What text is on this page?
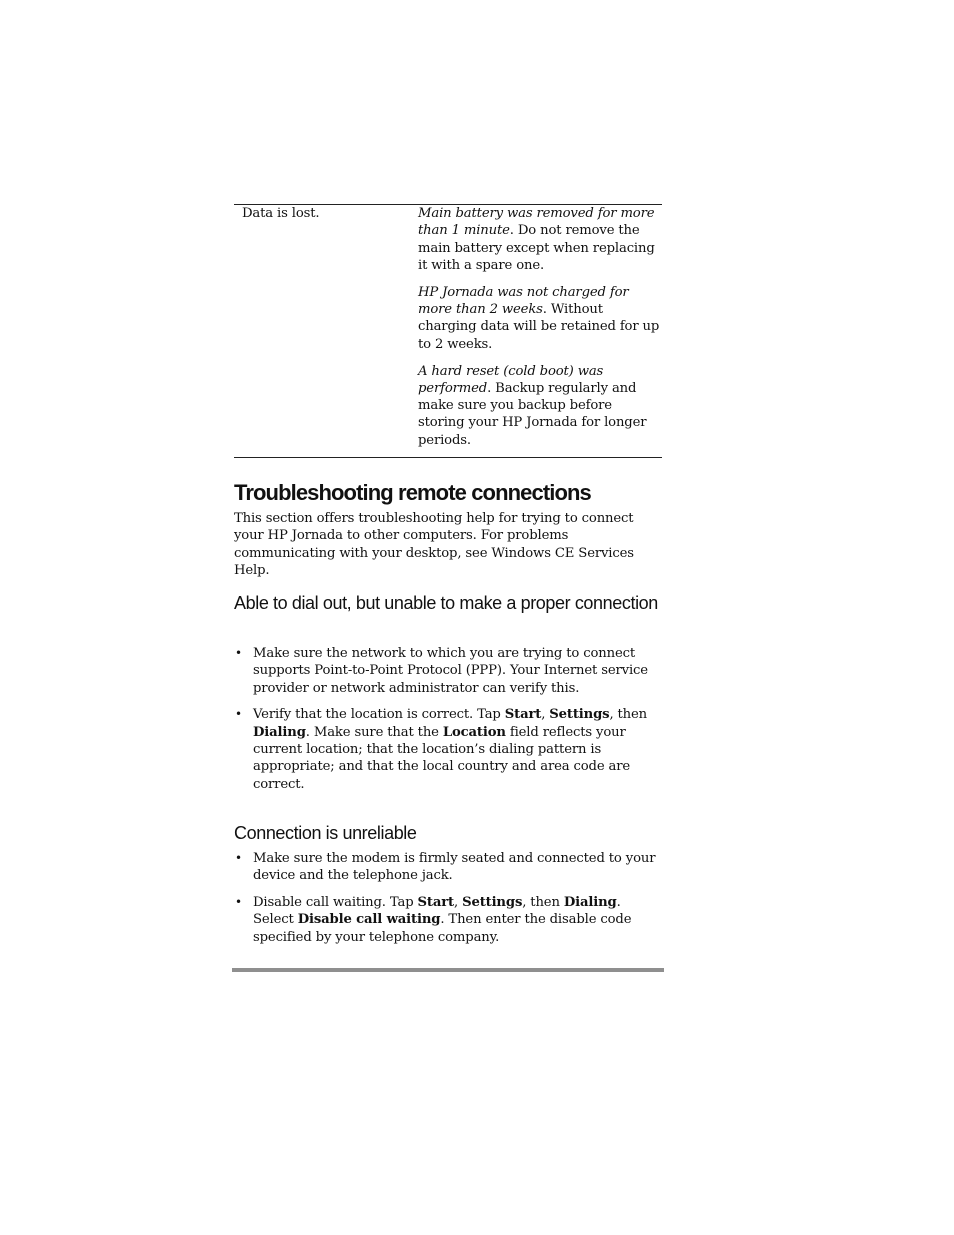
Data is lost.	Main battery was removed for more than 1 minute. Do not remove the main battery except when replacing it with a spare one.

HP Jornada was not charged for more than 2 weeks. Without charging data will be retained for up to 2 weeks.

A hard reset (cold boot) was performed. Backup regularly and make sure you backup before storing your HP Jornada for longer periods.

Troubleshooting remote connections

This section offers troubleshooting help for trying to connect your HP Jornada to other computers. For problems communicating with your desktop, see Windows CE Services Help.

Able to dial out, but unable to make a proper connection
• Make sure the network to which you are trying to connect supports Point-to-Point Protocol (PPP). Your Internet service provider or network administrator can verify this.
• Verify that the location is correct. Tap Start, Settings, then Dialing. Make sure that the Location field reflects your current location; that the location’s dialing pattern is appropriate; and that the local country and area code are correct.
Connection is unreliable
• Make sure the modem is firmly seated and connected to your device and the telephone jack.
• Disable call waiting. Tap Start, Settings, then Dialing. Select Disable call waiting. Then enter the disable code specified by your telephone company.
